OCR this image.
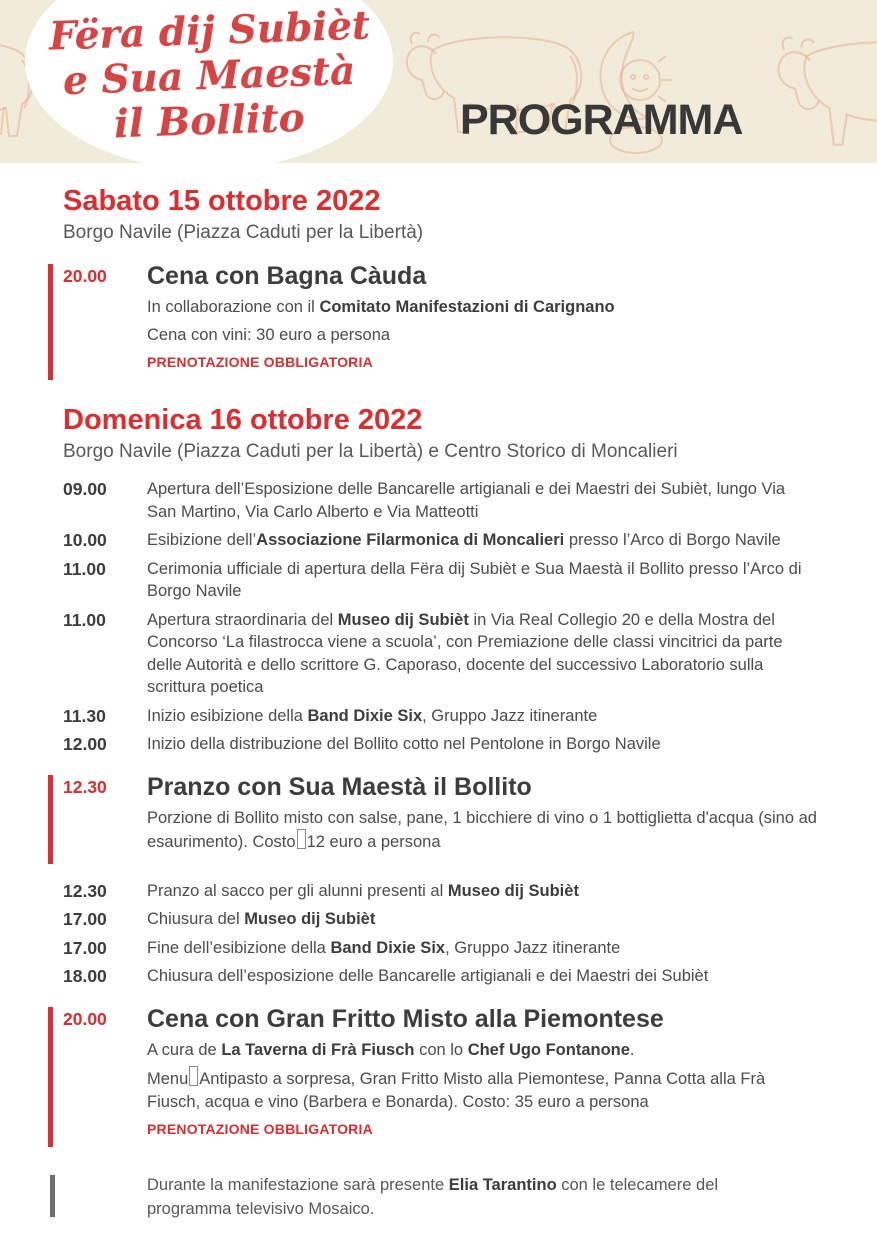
Fëra dij Subièt
e Sua Maestà
il Bollito	PROGRAMMA
Sabato 15 ottobre 2022

Borgo Navile (Piazza Caduti per la Libertà)

20.00 Cena con Bagna Càuda

In collaborazione con il Comitato Manifestazioni di Carignano

Cena con vini: 30 euro a persona

PRENOTAZIONE OBBLIGATORIA
Domenica 16 ottobre 2022

Borgo Navile (Piazza Caduti per la Libertà) e Centro Storico di Moncalieri

09.00	Apertura dell’Esposizione delle Bancarelle artigianali e dei Maestri dei Subièt, lungo Via San Martino, Via Carlo Alberto e Via Matteotti

10.00	Esibizione dell’Associazione Filarmonica di Moncalieri presso l’Arco di Borgo Navile

11.00	Cerimonia ufficiale di apertura della Fëra dij Subièt e Sua Maestà il Bollito presso l’Arco di Borgo Navile

11.00	Apertura straordinaria del Museo dij Subièt in Via Real Collegio 20 e della Mostra del Concorso ‘La filastrocca viene a scuola’, con Premiazione delle classi vincitrici da parte delle Autorità e dello scrittore G. Caporaso, docente del successivo Laboratorio sulla scrittura poetica

11.30	Inizio esibizione della Band Dixie Six, Gruppo Jazz itinerante

12.00	Inizio della distribuzione del Bollito cotto nel Pentolone in Borgo Navile

12.30 Pranzo con Sua Maestà il Bollito

Porzione di Bollito misto con salse, pane, 1 bicchiere di vino o 1 bottiglietta d'acqua (sino ad esaurimento). Costo 12 euro a persona

12.30	Pranzo al sacco per gli alunni presenti al Museo dij Subièt

17.00	Chiusura del Museo dij Subièt

17.00	Fine dell’esibizione della Band Dixie Six, Gruppo Jazz itinerante

18.00	Chiusura dell’esposizione delle Bancarelle artigianali e dei Maestri dei Subièt

20.00 Cena con Gran Fritto Misto alla Piemontese

A cura de La Taverna di Frà Fiusch con lo Chef Ugo Fontanone.

Menu Antipasto a sorpresa, Gran Fritto Misto alla Piemontese, Panna Cotta alla Frà Fiusch, acqua e vino (Barbera e Bonarda). Costo: 35 euro a persona

PRENOTAZIONE OBBLIGATORIA

Durante la manifestazione sarà presente Elia Tarantino con le telecamere del programma televisivo Mosaico.
